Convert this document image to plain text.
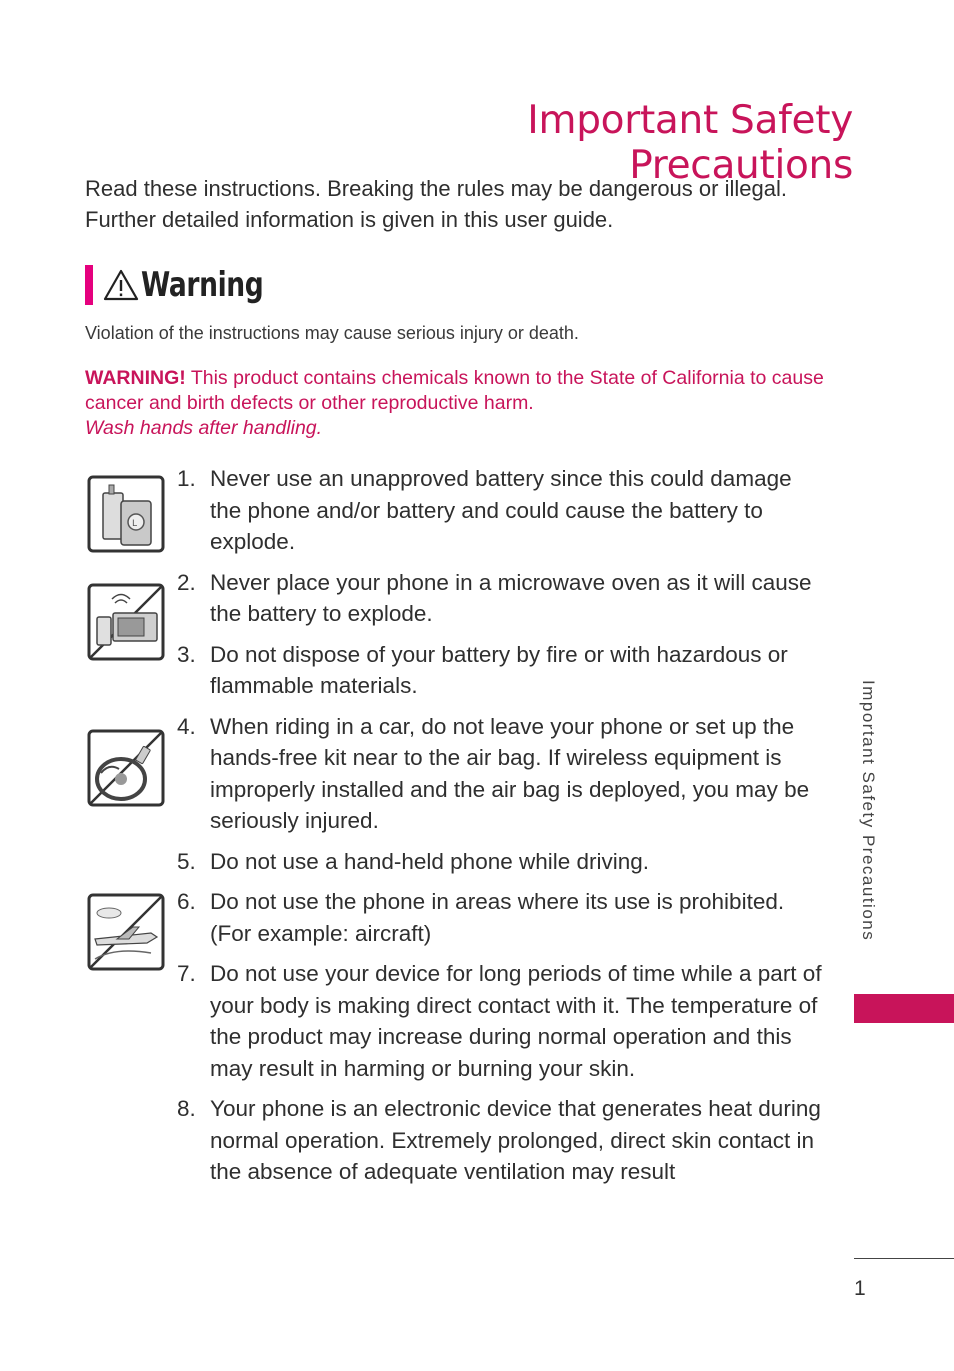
Important Safety Precautions

Read these instructions. Breaking the rules may be dangerous or illegal. Further detailed information is given in this user guide.

Warning
Violation of the instructions may cause serious injury or death.
WARNING! This product contains chemicals known to the State of California to cause cancer and birth defects or other reproductive harm.
Wash hands after handling.
L
1. Never use an unapproved battery since this could damage the phone and/or battery and could cause the battery to explode.
2. Never place your phone in a microwave oven as it will cause the battery to explode.
3. Do not dispose of your battery by fire or with hazardous or flammable materials.
4. When riding in a car, do not leave your phone or set up the hands-free kit near to the air bag. If wireless equipment is improperly installed and the air bag is deployed, you may be seriously injured.
5. Do not use a hand-held phone while driving.
6. Do not use the phone in areas where its use is prohibited. (For example: aircraft)
7. Do not use your device for long periods of time while a part of your body is making direct contact with it. The temperature of the product may increase during normal operation and this may result in harming or burning your skin.
8. Your phone is an electronic device that generates heat during normal operation. Extremely prolonged, direct skin contact in the absence of adequate ventilation may result
Important Safety Precautions
1
